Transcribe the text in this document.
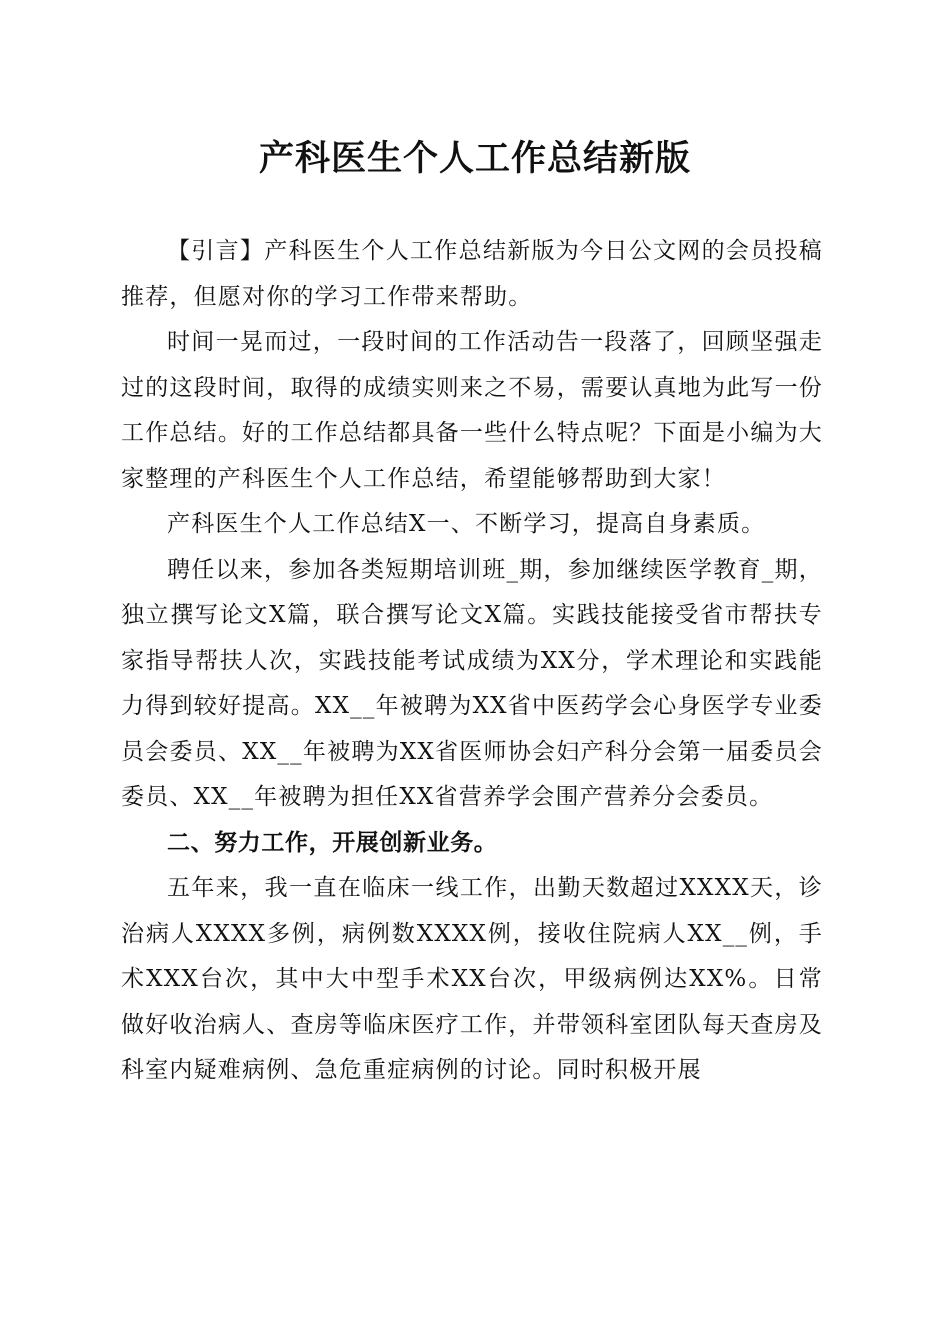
产科医生个人工作总结新版

【引言】产科医生个人工作总结新版为今日公文网的会员投稿推荐，但愿对你的学习工作带来帮助。

时间一晃而过，一段时间的工作活动告一段落了，回顾坚强走过的这段时间，取得的成绩实则来之不易，需要认真地为此写一份工作总结。好的工作总结都具备一些什么特点呢？下面是小编为大家整理的产科医生个人工作总结，希望能够帮助到大家！

产科医生个人工作总结X一、不断学习，提高自身素质。

聘任以来，参加各类短期培训班_期，参加继续医学教育_期，独立撰写论文X篇，联合撰写论文X篇。实践技能接受省市帮扶专家指导帮扶人次，实践技能考试成绩为XX分，学术理论和实践能力得到较好提高。XX__年被聘为XX省中医药学会心身医学专业委员会委员、XX__年被聘为XX省医师协会妇产科分会第一届委员会委员、XX__年被聘为担任XX省营养学会围产营养分会委员。

二、努力工作，开展创新业务。

五年来，我一直在临床一线工作，出勤天数超过XXXX天，诊治病人XXXX多例，病例数XXXX例，接收住院病人XX__例，手术XXX台次，其中大中型手术XX台次，甲级病例达XX%。日常做好收治病人、查房等临床医疗工作，并带领科室团队每天查房及科室内疑难病例、急危重症病例的讨论。同时积极开展
